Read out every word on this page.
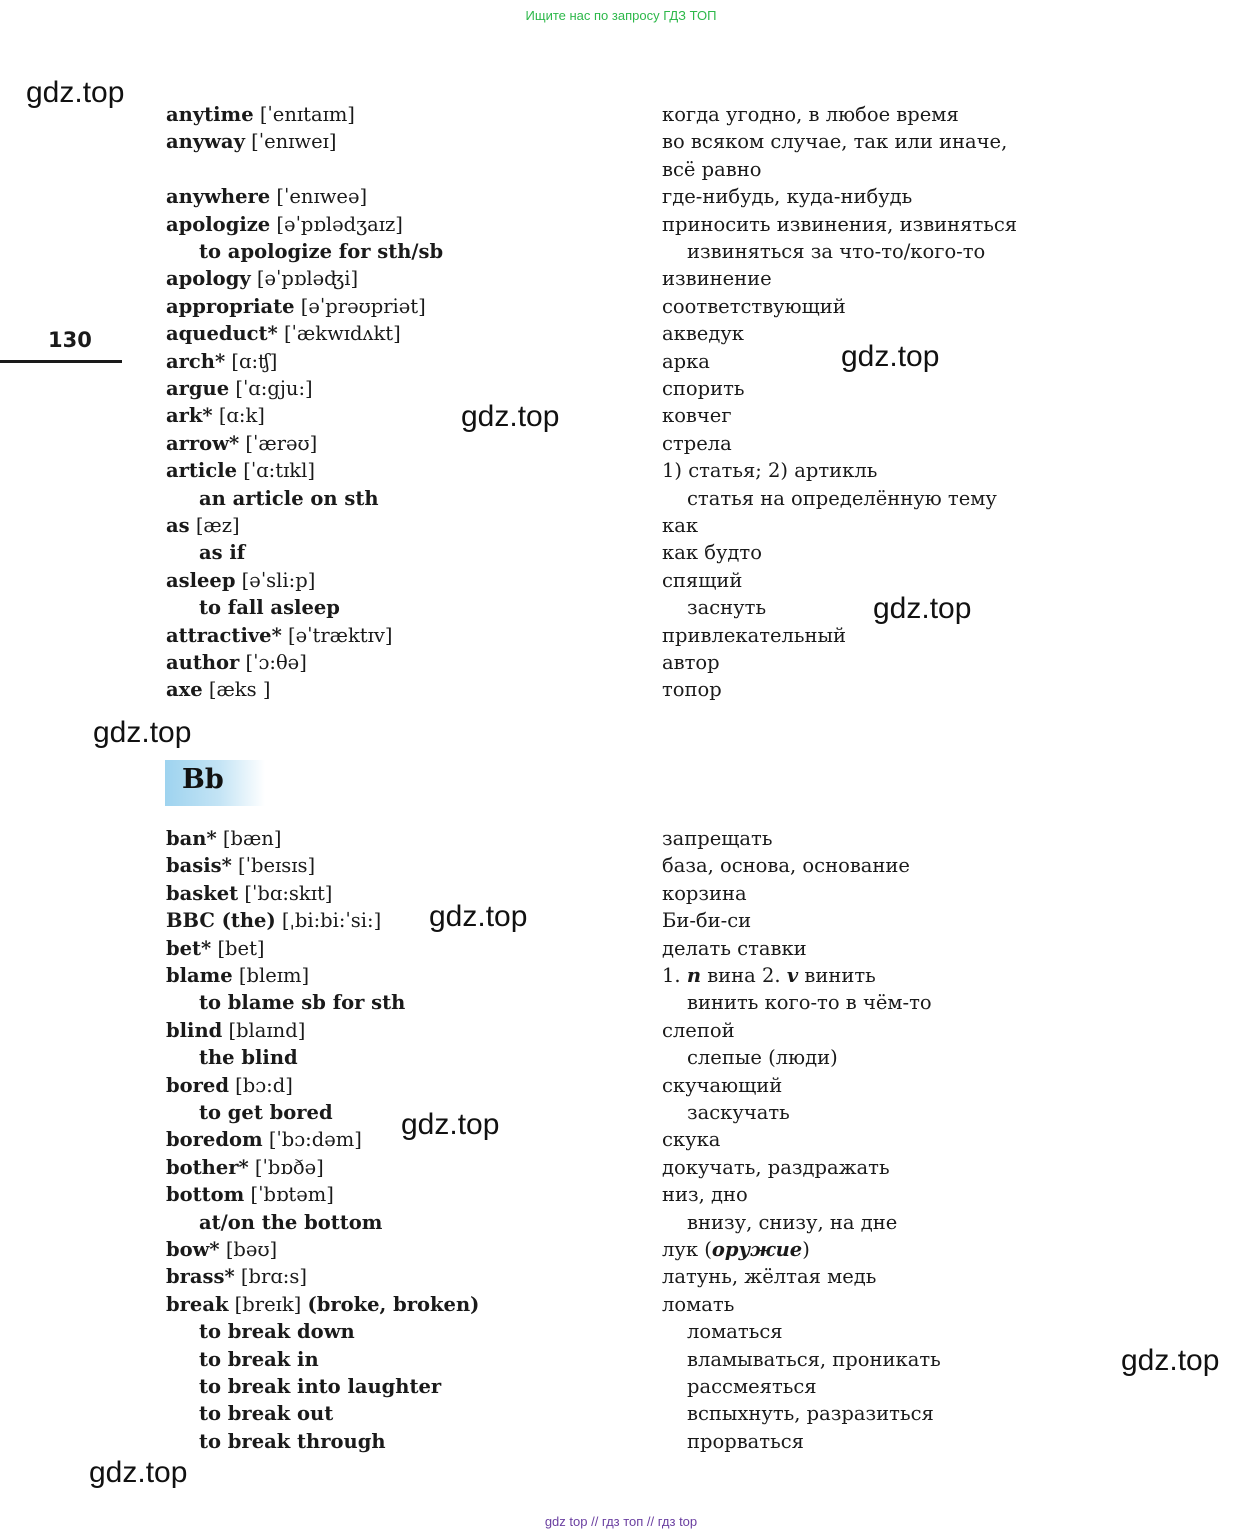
Ищите нас по запросу ГДЗ ТОП
130
anytime [ˈenɪtaɪm]	когда угодно, в любое время
anyway [ˈenɪweɪ]	во всяком случае, так или иначе,
всё равно
anywhere [ˈenɪweə]	где-нибудь, куда-нибудь
apologize [əˈpɒlədʒaɪz]	приносить извинения, извиняться
to apologize for sth/sb	извиняться за что-то/кого-то
apology [əˈpɒləʤi]	извинение
appropriate [əˈprəʊpriət]	соответствующий
aqueduct* [ˈækwɪdʌkt]	акведук
arch* [ɑ:ʧ]	арка
argue [ˈɑ:gju:]	спорить
ark* [ɑ:k]	ковчег
arrow* [ˈærəʊ]	стрела
article [ˈɑ:tɪkl]	1) статья; 2) артикль
an article on sth	статья на определённую тему
as [æz]	как
as if	как будто
asleep [əˈsli:p]	спящий
to fall asleep	заснуть
attractive* [əˈtræktɪv]	привлекательный
author [ˈɔ:θə]	автор
axe [æks ]	топор
Bb
ban* [bæn]	запрещать
basis* [ˈbeɪsɪs]	база, основа, основание
basket [ˈbɑ:skɪt]	корзина
BBC (the) [ˌbi:bi:ˈsi:]	Би-би-си
bet* [bet]	делать ставки
blame [bleɪm]	1. n вина 2. v винить
to blame sb for sth	винить кого-то в чём-то
blind [blaɪnd]	слепой
the blind	слепые (люди)
bored [bɔ:d]	скучающий
to get bored	заскучать
boredom [ˈbɔ:dəm]	скука
bother* [ˈbɒðə]	докучать, раздражать
bottom [ˈbɒtəm]	низ, дно
at/on the bottom	внизу, снизу, на дне
bow* [bəʊ]	лук (оружие)
brass* [brɑ:s]	латунь, жёлтая медь
break [breɪk] (broke, broken)	ломать
to break down	ломаться
to break in	вламываться, проникать
to break into laughter	рассмеяться
to break out	вспыхнуть, разразиться
to break through	прорваться
gdz.top
gdz.top
gdz.top
gdz.top
gdz.top
gdz.top
gdz.top
gdz.top
gdz.top
gdz top // гдз топ // гдз top
